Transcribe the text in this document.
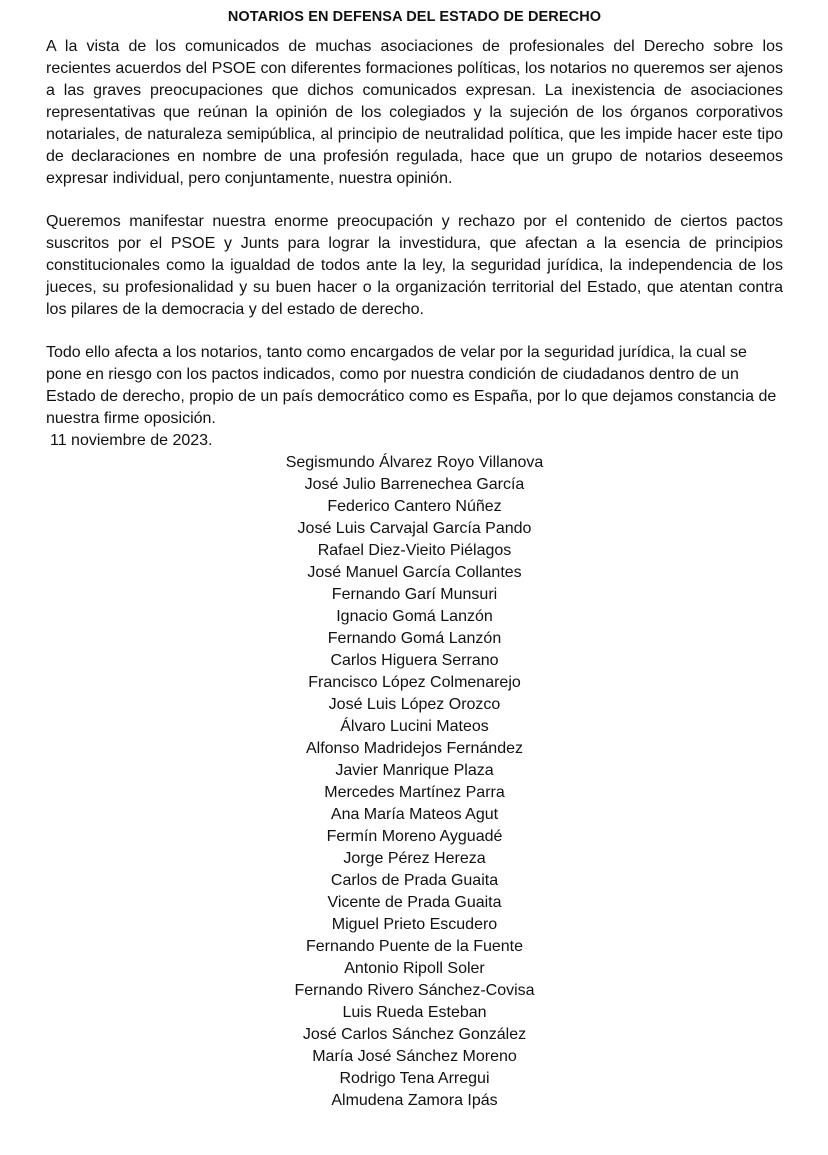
NOTARIOS EN DEFENSA DEL ESTADO DE DERECHO

A la vista de los comunicados de muchas asociaciones de profesionales del Derecho sobre los recientes acuerdos del PSOE con diferentes formaciones políticas, los notarios no queremos ser ajenos a las graves preocupaciones que dichos comunicados expresan. La inexistencia de asociaciones representativas que reúnan la opinión de los colegiados y la sujeción de los órganos corporativos notariales, de naturaleza semipública, al principio de neutralidad política, que les impide hacer este tipo de declaraciones en nombre de una profesión regulada, hace que un grupo de notarios deseemos expresar individual, pero conjuntamente, nuestra opinión.

Queremos manifestar nuestra enorme preocupación y rechazo por el contenido de ciertos pactos suscritos por el PSOE y Junts para lograr la investidura, que afectan a la esencia de principios constitucionales como la igualdad de todos ante la ley, la seguridad jurídica, la independencia de los jueces, su profesionalidad y su buen hacer o la organización territorial del Estado, que atentan contra los pilares de la democracia y del estado de derecho.

Todo ello afecta a los notarios, tanto como encargados de velar por la seguridad jurídica, la cual se pone en riesgo con los pactos indicados, como por nuestra condición de ciudadanos dentro de un Estado de derecho, propio de un país democrático como es España, por lo que dejamos constancia de nuestra firme oposición.

11 noviembre de 2023.

Segismundo Álvarez Royo Villanova
José Julio Barrenechea García
Federico Cantero Núñez
José Luis Carvajal García Pando
Rafael Diez-Vieito Piélagos
José Manuel García Collantes
Fernando Garí Munsuri
Ignacio Gomá Lanzón
Fernando Gomá Lanzón
Carlos Higuera Serrano
Francisco López Colmenarejo
José Luis López Orozco
Álvaro Lucini Mateos
Alfonso Madridejos Fernández
Javier Manrique Plaza
Mercedes Martínez Parra
Ana María Mateos Agut
Fermín Moreno Ayguadé
Jorge Pérez Hereza
Carlos de Prada Guaita
Vicente de Prada Guaita
Miguel Prieto Escudero
Fernando Puente de la Fuente
Antonio Ripoll Soler
Fernando Rivero Sánchez-Covisa
Luis Rueda Esteban
José Carlos Sánchez González
María José Sánchez Moreno
Rodrigo Tena Arregui
Almudena Zamora Ipás
